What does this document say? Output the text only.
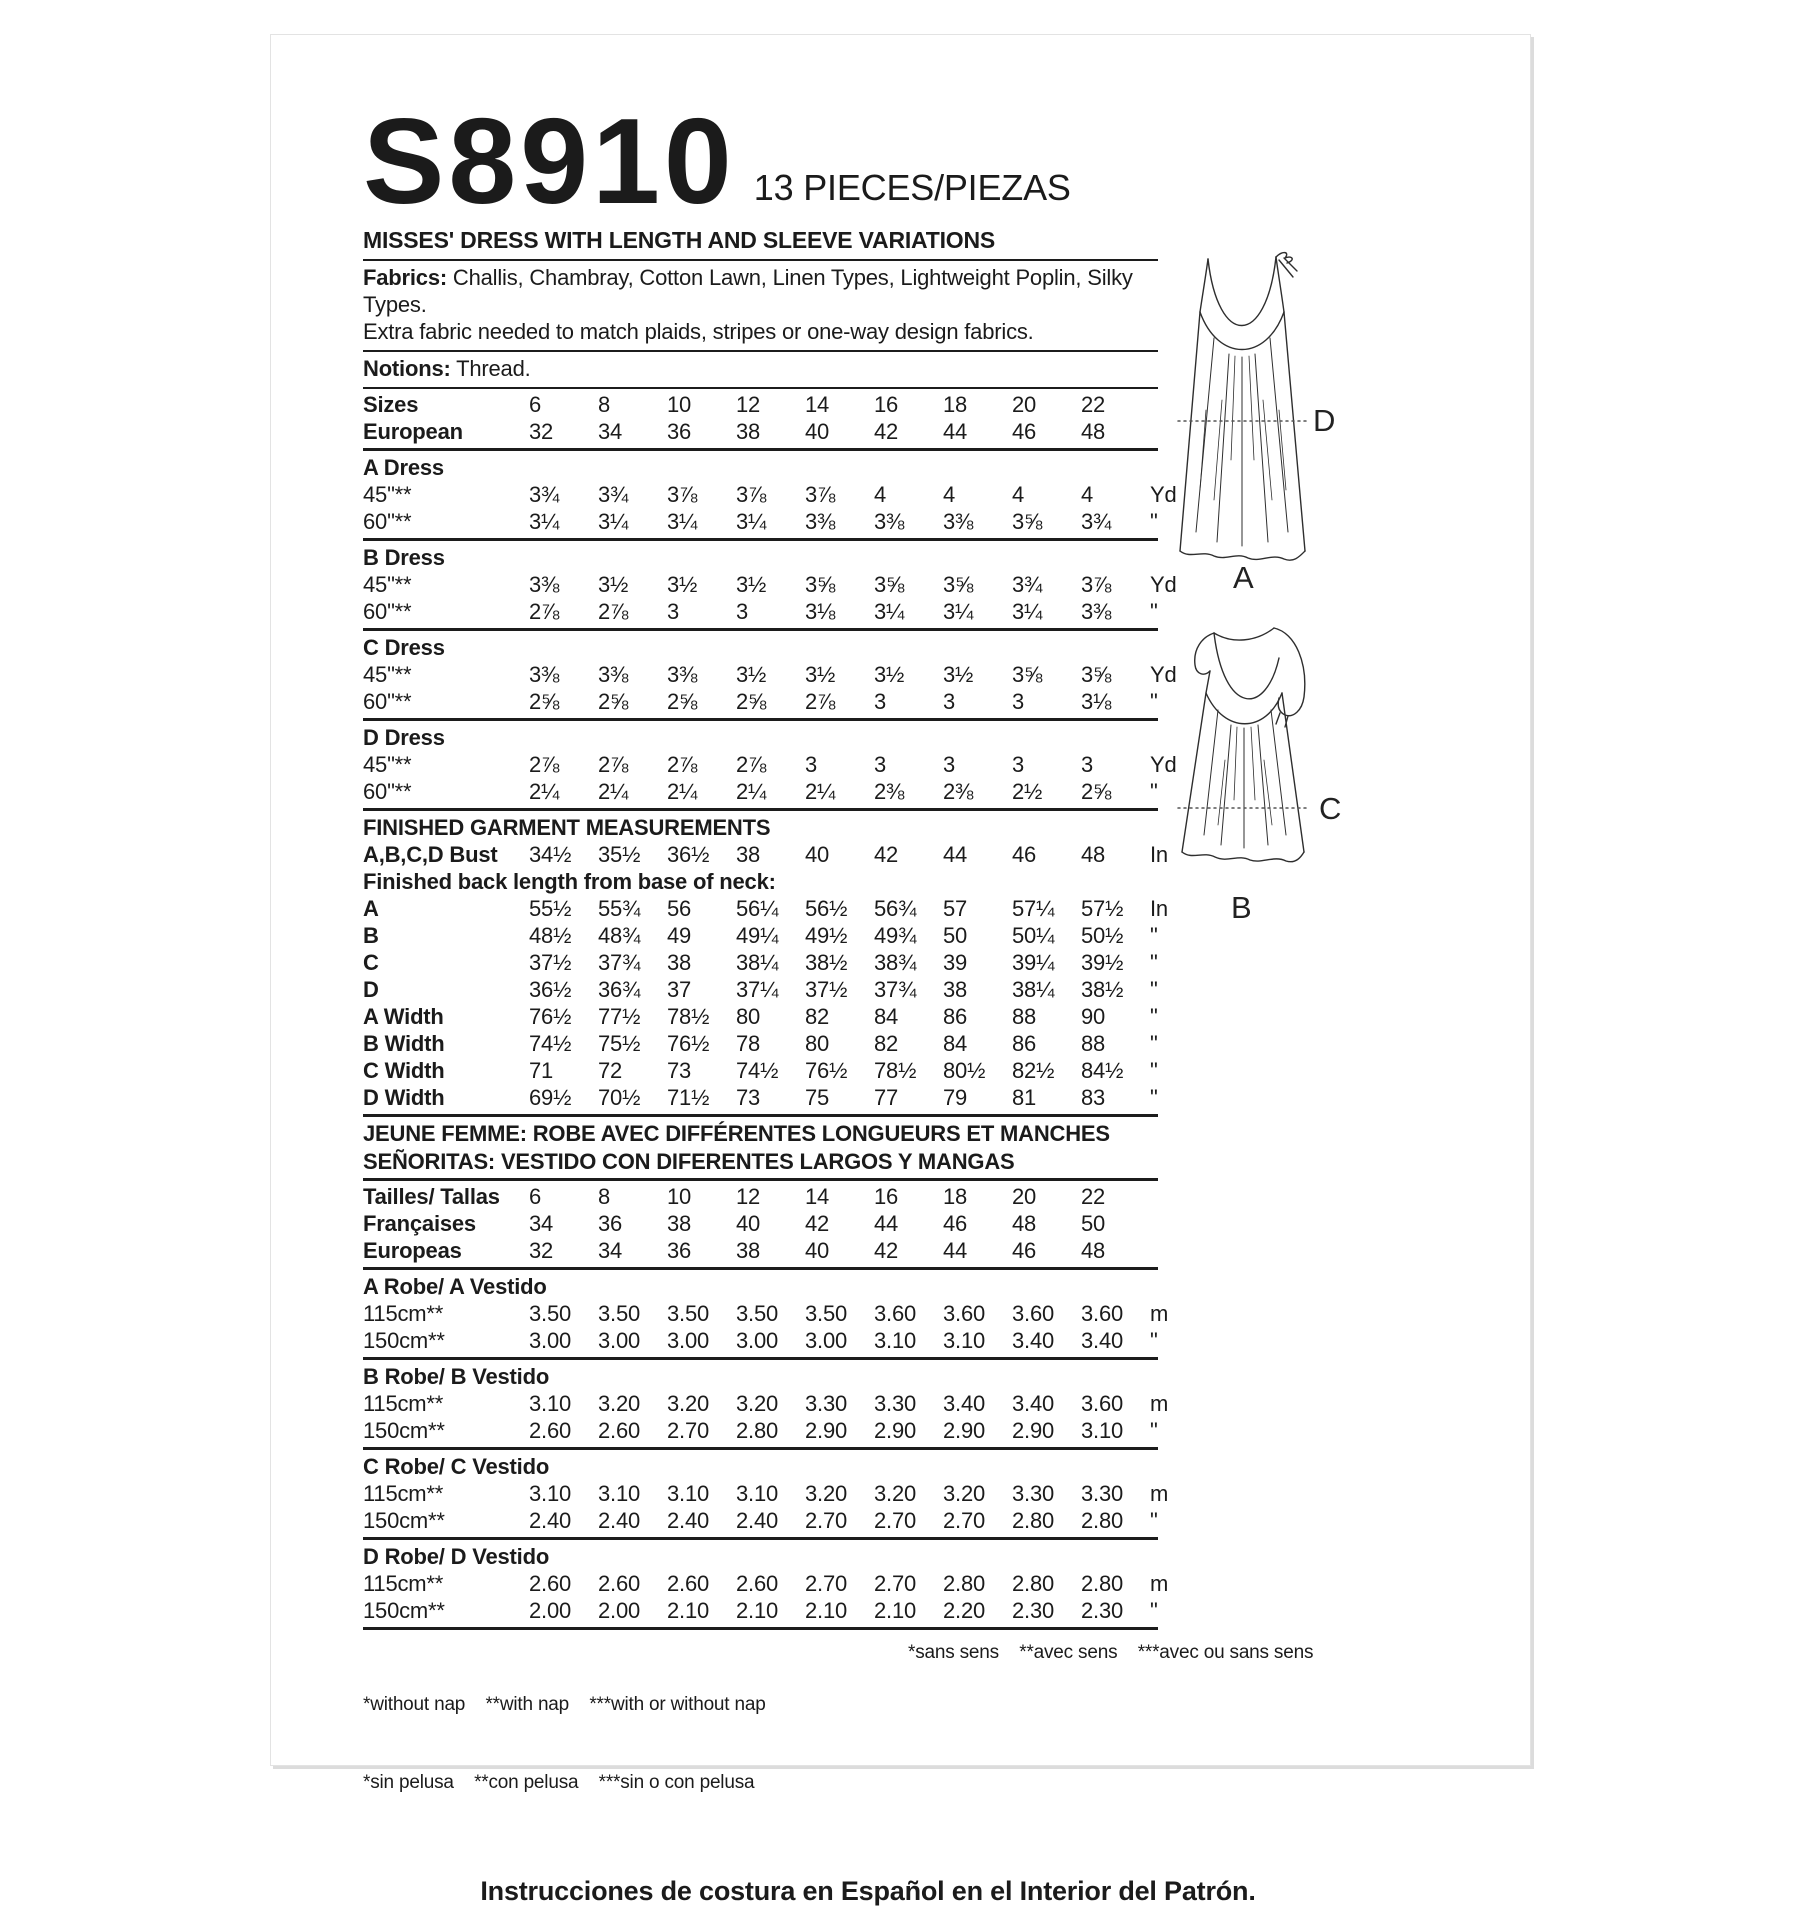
S8910 13 PIECES/PIEZAS
MISSES' DRESS WITH LENGTH AND SLEEVE VARIATIONS
Fabrics: Challis, Chambray, Cotton Lawn, Linen Types, Lightweight Poplin, Silky Types.
Extra fabric needed to match plaids, stripes or one-way design fabrics.
Notions: Thread.
Sizes	6	8	10	12	14	16	18	20	22
European	32	34	36	38	40	42	44	46	48
A Dress
45"**	3¾	3¾	3⅞	3⅞	3⅞	4	4	4	4	Yd
60"**	3¼	3¼	3¼	3¼	3⅜	3⅜	3⅜	3⅝	3¾	"
B Dress
45"**	3⅜	3½	3½	3½	3⅝	3⅝	3⅝	3¾	3⅞	Yd
60"**	2⅞	2⅞	3	3	3⅛	3¼	3¼	3¼	3⅜	"
C Dress
45"**	3⅜	3⅜	3⅜	3½	3½	3½	3½	3⅝	3⅝	Yd
60"**	2⅝	2⅝	2⅝	2⅝	2⅞	3	3	3	3⅛	"
D Dress
45"**	2⅞	2⅞	2⅞	2⅞	3	3	3	3	3	Yd
60"**	2¼	2¼	2¼	2¼	2¼	2⅜	2⅜	2½	2⅝	"
FINISHED GARMENT MEASUREMENTS
A,B,C,D Bust	34½	35½	36½	38	40	42	44	46	48	In
Finished back length from base of neck:
A	55½	55¾	56	56¼	56½	56¾	57	57¼	57½	In
B	48½	48¾	49	49¼	49½	49¾	50	50¼	50½	"
C	37½	37¾	38	38¼	38½	38¾	39	39¼	39½	"
D	36½	36¾	37	37¼	37½	37¾	38	38¼	38½	"
A Width	76½	77½	78½	80	82	84	86	88	90	"
B Width	74½	75½	76½	78	80	82	84	86	88	"
C Width	71	72	73	74½	76½	78½	80½	82½	84½	"
D Width	69½	70½	71½	73	75	77	79	81	83	"
JEUNE FEMME: ROBE AVEC DIFFÉRENTES LONGUEURS ET MANCHES
SEÑORITAS: VESTIDO CON DIFERENTES LARGOS Y MANGAS
Tailles/ Tallas	6	8	10	12	14	16	18	20	22
Françaises	34	36	38	40	42	44	46	48	50
Europeas	32	34	36	38	40	42	44	46	48
A Robe/ A Vestido
115cm**	3.50	3.50	3.50	3.50	3.50	3.60	3.60	3.60	3.60	m
150cm**	3.00	3.00	3.00	3.00	3.00	3.10	3.10	3.40	3.40	"
B Robe/ B Vestido
115cm**	3.10	3.20	3.20	3.20	3.30	3.30	3.40	3.40	3.60	m
150cm**	2.60	2.60	2.70	2.80	2.90	2.90	2.90	2.90	3.10	"
C Robe/ C Vestido
115cm**	3.10	3.10	3.10	3.10	3.20	3.20	3.20	3.30	3.30	m
150cm**	2.40	2.40	2.40	2.40	2.70	2.70	2.70	2.80	2.80	"
D Robe/ D Vestido
115cm**	2.60	2.60	2.60	2.60	2.70	2.70	2.80	2.80	2.80	m
150cm**	2.00	2.00	2.10	2.10	2.10	2.10	2.20	2.30	2.30	"

*without nap    **with nap    ***with or without nap

*sin pelusa    **con pelusa    ***sin o con pelusa

*sans sens    **avec sens    ***avec ou sans sens
Instrucciones de costura en Español en el Interior del Patrón.
D
A
C
B
